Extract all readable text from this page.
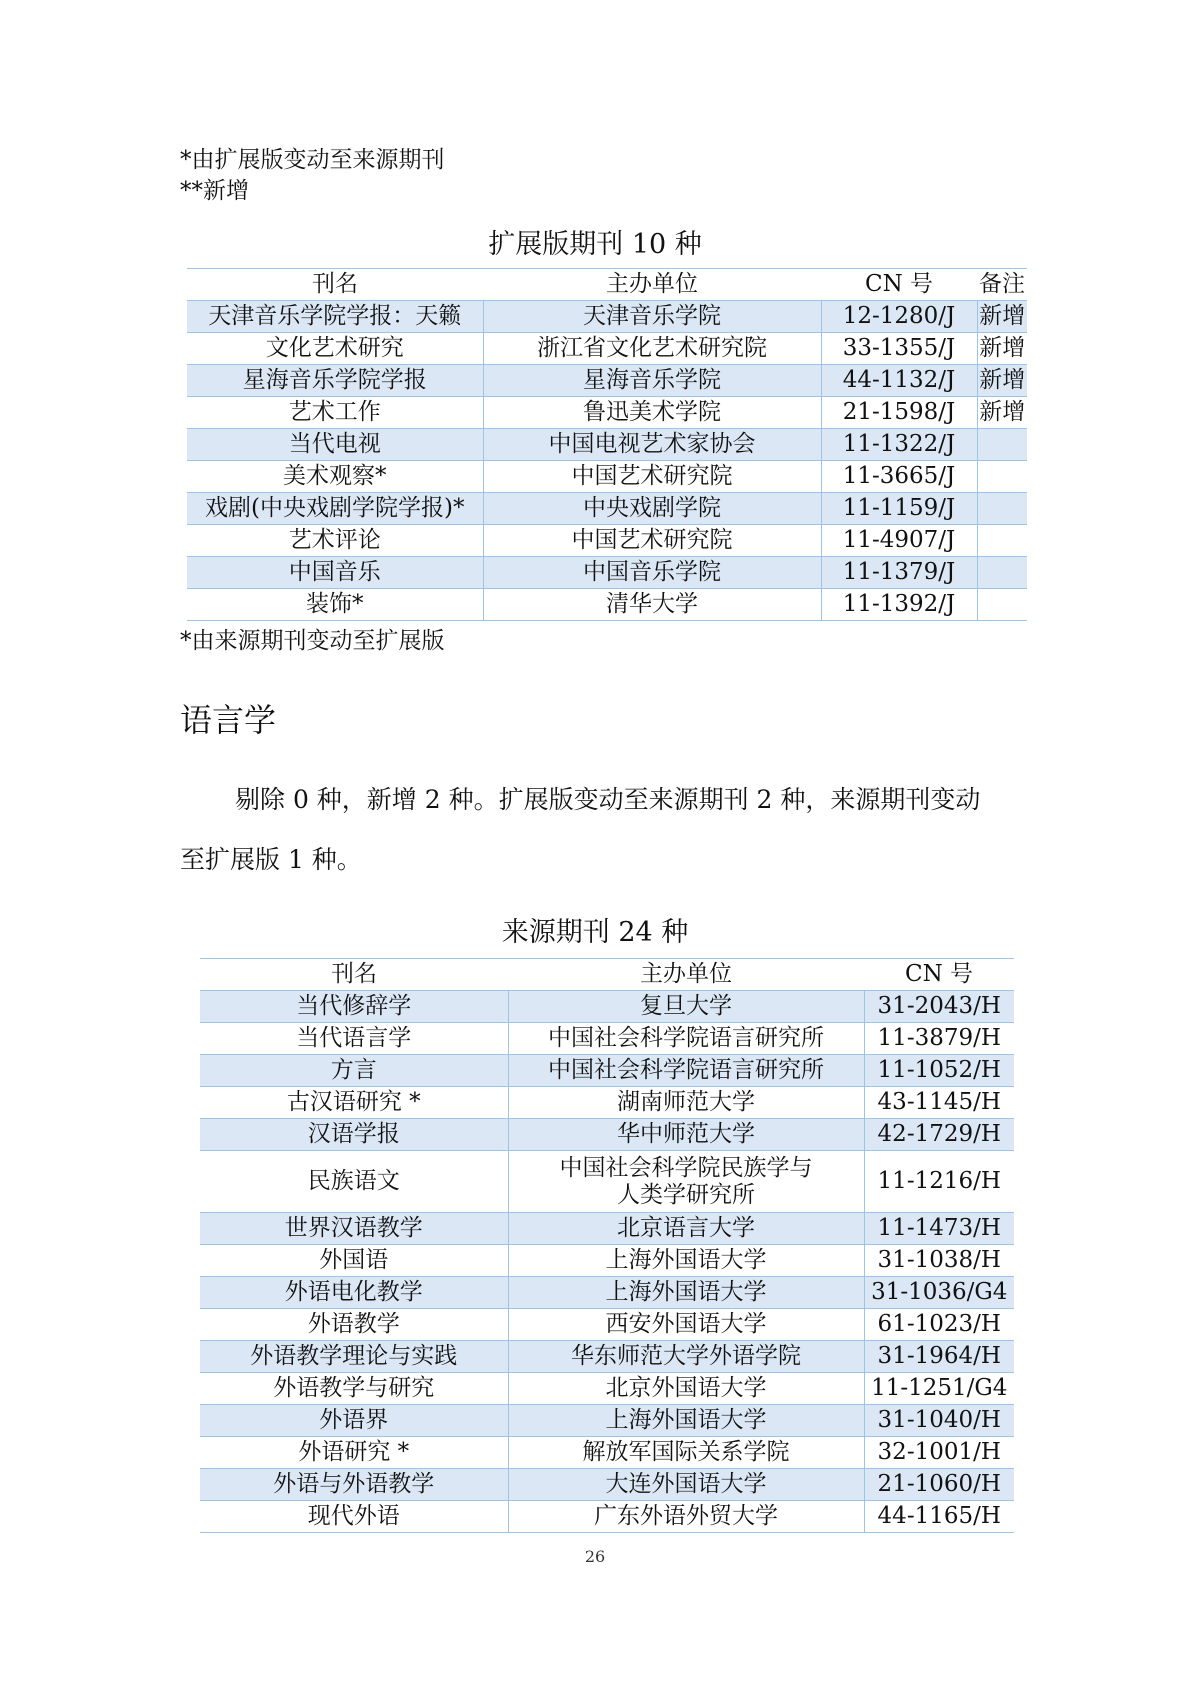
*由扩展版变动至来源期刊
**新增
扩展版期刊 10 种
刊名	主办单位	CN 号	备注
天津音乐学院学报：天籁	天津音乐学院	12-1280/J	新增
文化艺术研究	浙江省文化艺术研究院	33-1355/J	新增
星海音乐学院学报	星海音乐学院	44-1132/J	新增
艺术工作	鲁迅美术学院	21-1598/J	新增
当代电视	中国电视艺术家协会	11-1322/J	
美术观察*	中国艺术研究院	11-3665/J	
戏剧(中央戏剧学院学报)*	中央戏剧学院	11-1159/J	
艺术评论	中国艺术研究院	11-4907/J	
中国音乐	中国音乐学院	11-1379/J	
装饰*	清华大学	11-1392/J	
*由来源期刊变动至扩展版
语言学
剔除 0 种，新增 2 种。扩展版变动至来源期刊 2 种，来源期刊变动
至扩展版 1 种。
来源期刊 24 种
刊名	主办单位	CN 号
当代修辞学	复旦大学	31-2043/H
当代语言学	中国社会科学院语言研究所	11-3879/H
方言	中国社会科学院语言研究所	11-1052/H
古汉语研究 *	湖南师范大学	43-1145/H
汉语学报	华中师范大学	42-1729/H
民族语文	中国社会科学院民族学与人类学研究所	11-1216/H
世界汉语教学	北京语言大学	11-1473/H
外国语	上海外国语大学	31-1038/H
外语电化教学	上海外国语大学	31-1036/G4
外语教学	西安外国语大学	61-1023/H
外语教学理论与实践	华东师范大学外语学院	31-1964/H
外语教学与研究	北京外国语大学	11-1251/G4
外语界	上海外国语大学	31-1040/H
外语研究 *	解放军国际关系学院	32-1001/H
外语与外语教学	大连外国语大学	21-1060/H
现代外语	广东外语外贸大学	44-1165/H
26
